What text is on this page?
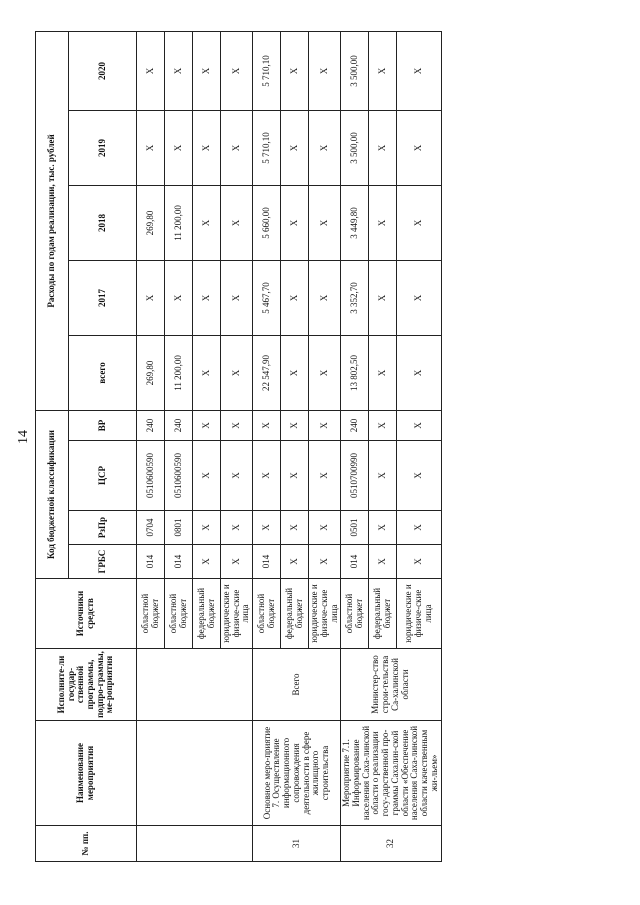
14
№ пп.	Наименование мероприятия	Исполните-ли государ-ственной программы, подпро-граммы, ме-роприятия	Источники средств	Код бюджетной классификации				Расходы по годам реализации, тыс. рублей				
				ГРБС	РзПр	ЦСР	ВР	всего	2017	2018	2019	2020

			областной бюджет	014	0704	0510600590	240	269,80	Х	269,80	Х	Х
			областной бюджет	014	0801	0510600590	240	11 200,00	Х	11 200,00	Х	Х
			федеральный бюджет	Х	Х	Х	Х	Х	Х	Х	Х	Х
			юридические и физиче-ские лица	Х	Х	Х	Х	Х	Х	Х	Х	Х
31	Основное меро-приятие 7. Осуществление информационного сопровождения деятельности в сфере жилищного строительства	Всего	областной бюджет	014	Х	Х	Х	22 547,90	5 467,70	5 660,00	5 710,10	5 710,10
			федеральный бюджет	Х	Х	Х	Х	Х	Х	Х	Х	Х
			юридические и физиче-ские лица	Х	Х	Х	Х	Х	Х	Х	Х	Х
32	Мероприятие 7.1. Информирование населения Саха-линской области о реализации госу-дарственной про-граммы Сахалин-ской области «Обеспечение населения Саха-линской области качественным жи-льем»	Министер-ство строи-тельства Са-халинской области	областной бюджет	014	0501	0510700990	240	13 802,50	3 352,70	3 449,80	3 500,00	3 500,00
			федеральный бюджет	Х	Х	Х	Х	Х	Х	Х	Х	Х
			юридические и физиче-ские лица	Х	Х	Х	Х	Х	Х	Х	Х	Х
